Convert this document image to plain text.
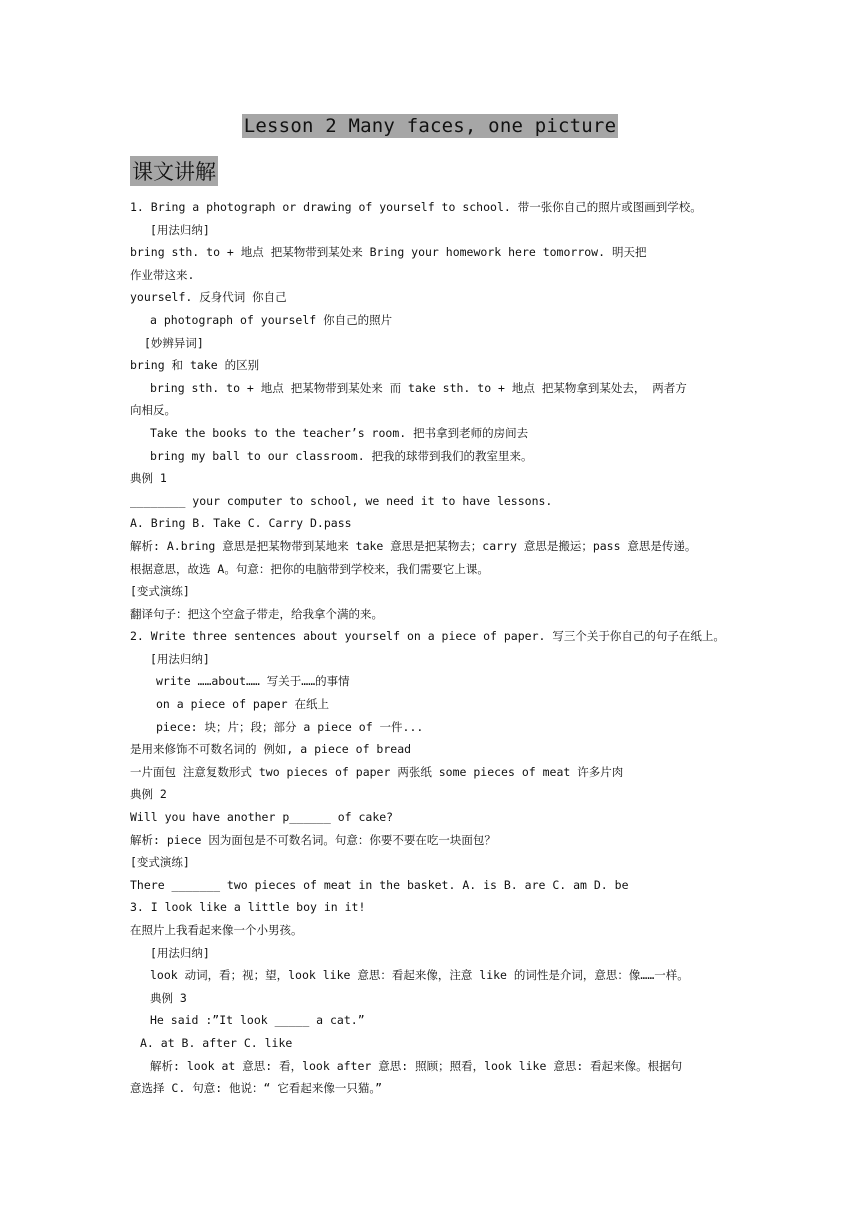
Lesson 2 Many faces, one picture
课文讲解
1. Bring a photograph or drawing of yourself to school. 带一张你自己的照片或图画到学校。
[用法归纳]
bring sth. to + 地点 把某物带到某处来 Bring your homework here tomorrow. 明天把
作业带这来.
yourself. 反身代词 你自己
a photograph of yourself 你自己的照片
[妙辨异词]
bring 和 take 的区别
bring sth. to + 地点 把某物带到某处来 而 take sth. to + 地点 把某物拿到某处去， 两者方
向相反。
Take the books to the teacher’s room. 把书拿到老师的房间去
bring my ball to our classroom. 把我的球带到我们的教室里来。
典例 1
________ your computer to school, we need it to have lessons.
A. Bring B. Take C. Carry D.pass
解析: A.bring 意思是把某物带到某地来 take 意思是把某物去；carry 意思是搬运；pass 意思是传递。
根据意思，故选 A。句意：把你的电脑带到学校来，我们需要它上课。
[变式演练]
翻译句子：把这个空盒子带走，给我拿个满的来。
2. Write three sentences about yourself on a piece of paper. 写三个关于你自己的句子在纸上。
[用法归纳]
write ……about…… 写关于……的事情
on a piece of paper 在纸上
piece: 块；片；段；部分 a piece of 一件...
是用来修饰不可数名词的 例如, a piece of bread
一片面包 注意复数形式 two pieces of paper 两张纸 some pieces of meat 许多片肉
典例 2
Will you have another p______ of cake?
解析: piece 因为面包是不可数名词。句意：你要不要在吃一块面包？
[变式演练]
There _______ two pieces of meat in the basket. A. is B. are C. am D. be
3. I look like a little boy in it!
在照片上我看起来像一个小男孩。
[用法归纳]
look 动词，看；视；望，look like 意思：看起来像，注意 like 的词性是介词，意思：像……一样。
典例 3
He said :”It look _____ a cat.”
A. at B. after C. like
解析: look at 意思: 看，look after 意思: 照顾；照看，look like 意思: 看起来像。根据句
意选择 C. 句意: 他说：“ 它看起来像一只猫。”
